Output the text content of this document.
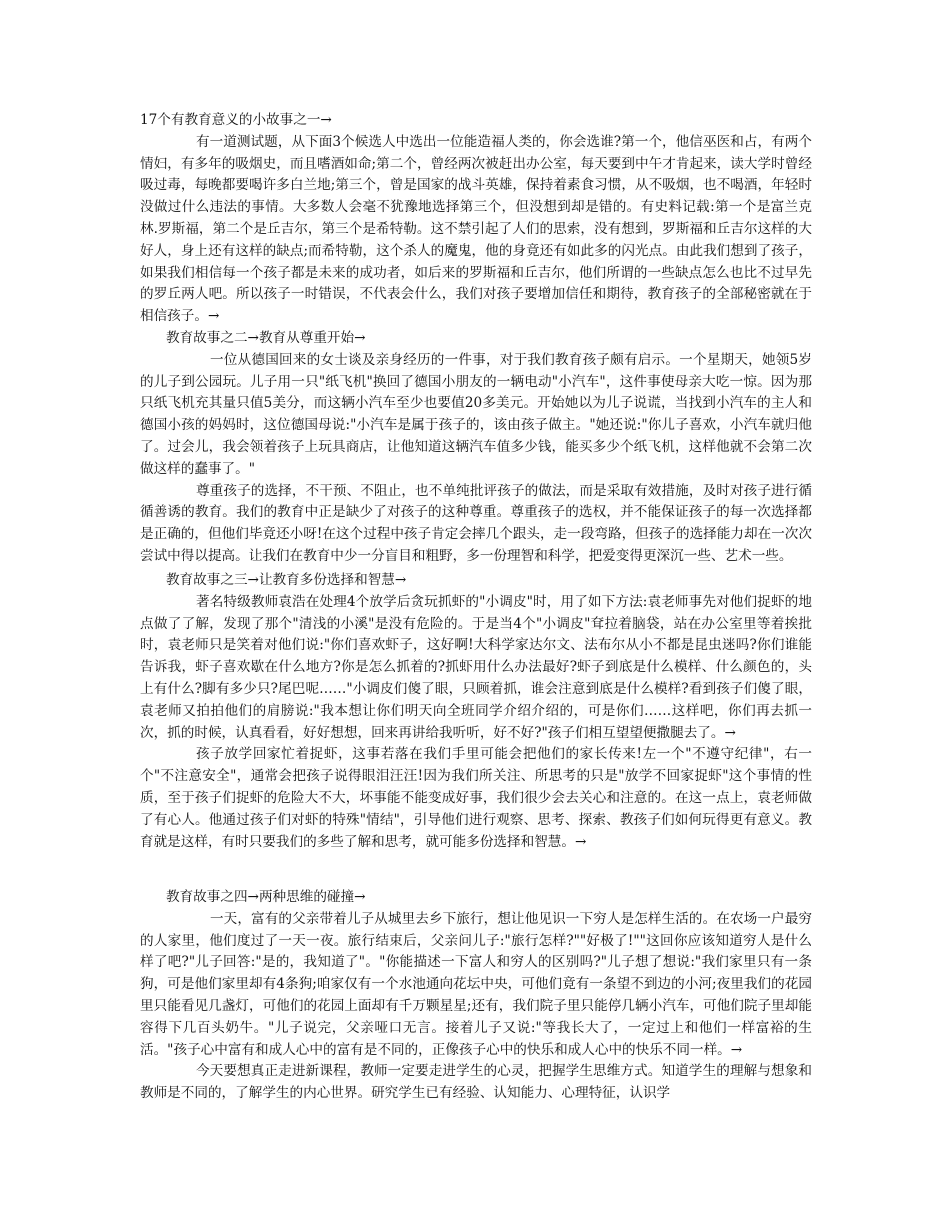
17个有教育意义的小故事之一→

有一道测试题，从下面3个候选人中选出一位能造福人类的，你会选谁?第一个，他信巫医和占，有两个情妇，有多年的吸烟史，而且嗜酒如命;第二个，曾经两次被赶出办公室，每天要到中午才肯起来，读大学时曾经吸过毒，每晚都要喝许多白兰地;第三个，曾是国家的战斗英雄，保持着素食习惯，从不吸烟，也不喝酒，年轻时没做过什么违法的事情。大多数人会毫不犹豫地选择第三个，但没想到却是错的。有史料记载:第一个是富兰克林.罗斯福，第二个是丘吉尔，第三个是希特勒。这不禁引起了人们的思索，没有想到，罗斯福和丘吉尔这样的大好人，身上还有这样的缺点;而希特勒，这个杀人的魔鬼，他的身竟还有如此多的闪光点。由此我们想到了孩子，如果我们相信每一个孩子都是未来的成功者，如后来的罗斯福和丘吉尔，他们所谓的一些缺点怎么也比不过早先的罗丘两人吧。所以孩子一时错误，不代表会什么，我们对孩子要增加信任和期待，教育孩子的全部秘密就在于相信孩子。→

教育故事之二→教育从尊重开始→

一位从德国回来的女士谈及亲身经历的一件事，对于我们教育孩子颇有启示。一个星期天，她领5岁的儿子到公园玩。儿子用一只"纸飞机"换回了德国小朋友的一辆电动"小汽车"，这件事使母亲大吃一惊。因为那只纸飞机充其量只值5美分，而这辆小汽车至少也要值20多美元。开始她以为儿子说谎，当找到小汽车的主人和德国小孩的妈妈时，这位德国母说:"小汽车是属于孩子的，该由孩子做主。"她还说:"你儿子喜欢，小汽车就归他了。过会儿，我会领着孩子上玩具商店，让他知道这辆汽车值多少钱，能买多少个纸飞机，这样他就不会第二次做这样的蠢事了。"

尊重孩子的选择，不干预、不阻止，也不单纯批评孩子的做法，而是采取有效措施，及时对孩子进行循循善诱的教育。我们的教育中正是缺少了对孩子的这种尊重。尊重孩子的选权，并不能保证孩子的每一次选择都是正确的，但他们毕竟还小呀!在这个过程中孩子肯定会摔几个跟头，走一段弯路，但孩子的选择能力却在一次次尝试中得以提高。让我们在教育中少一分盲目和粗野，多一份理智和科学，把爱变得更深沉一些、艺术一些。

教育故事之三→让教育多份选择和智慧→

著名特级教师袁浩在处理4个放学后贪玩抓虾的"小调皮"时，用了如下方法:袁老师事先对他们捉虾的地点做了了解，发现了那个"清浅的小溪"是没有危险的。于是当4个"小调皮"耷拉着脑袋，站在办公室里等着挨批时，袁老师只是笑着对他们说:"你们喜欢虾子，这好啊!大科学家达尔文、法布尔从小不都是昆虫迷吗?你们谁能告诉我，虾子喜欢歇在什么地方?你是怎么抓着的?抓虾用什么办法最好?虾子到底是什么模样、什么颜色的，头上有什么?脚有多少只?尾巴呢……"小调皮们傻了眼，只顾着抓，谁会注意到底是什么模样?看到孩子们傻了眼，袁老师又拍拍他们的肩膀说:"我本想让你们明天向全班同学介绍介绍的，可是你们……这样吧，你们再去抓一次，抓的时候，认真看看，好好想想，回来再讲给我听听，好不好?"孩子们相互望望便撒腿去了。→

孩子放学回家忙着捉虾，这事若落在我们手里可能会把他们的家长传来!左一个"不遵守纪律"，右一个"不注意安全"，通常会把孩子说得眼泪汪汪!因为我们所关注、所思考的只是"放学不回家捉虾"这个事情的性质，至于孩子们捉虾的危险大不大，坏事能不能变成好事，我们很少会去关心和注意的。在这一点上，袁老师做了有心人。他通过孩子们对虾的特殊"情结"，引导他们进行观察、思考、探索、教孩子们如何玩得更有意义。教育就是这样，有时只要我们的多些了解和思考，就可能多份选择和智慧。→

教育故事之四→两种思维的碰撞→

一天，富有的父亲带着儿子从城里去乡下旅行，想让他见识一下穷人是怎样生活的。在农场一户最穷的人家里，他们度过了一天一夜。旅行结束后，父亲问儿子:"旅行怎样?""好极了!""这回你应该知道穷人是什么样了吧?"儿子回答:"是的，我知道了"。"你能描述一下富人和穷人的区别吗?"儿子想了想说:"我们家里只有一条狗，可是他们家里却有4条狗;咱家仅有一个水池通向花坛中央，可他们竟有一条望不到边的小河;夜里我们的花园里只能看见几盏灯，可他们的花园上面却有千万颗星星;还有，我们院子里只能停几辆小汽车，可他们院子里却能容得下几百头奶牛。"儿子说完，父亲哑口无言。接着儿子又说:"等我长大了，一定过上和他们一样富裕的生活。"孩子心中富有和成人心中的富有是不同的，正像孩子心中的快乐和成人心中的快乐不同一样。→

今天要想真正走进新课程，教师一定要走进学生的心灵，把握学生思维方式。知道学生的理解与想象和教师是不同的，了解学生的内心世界。研究学生已有经验、认知能力、心理特征，认识学
